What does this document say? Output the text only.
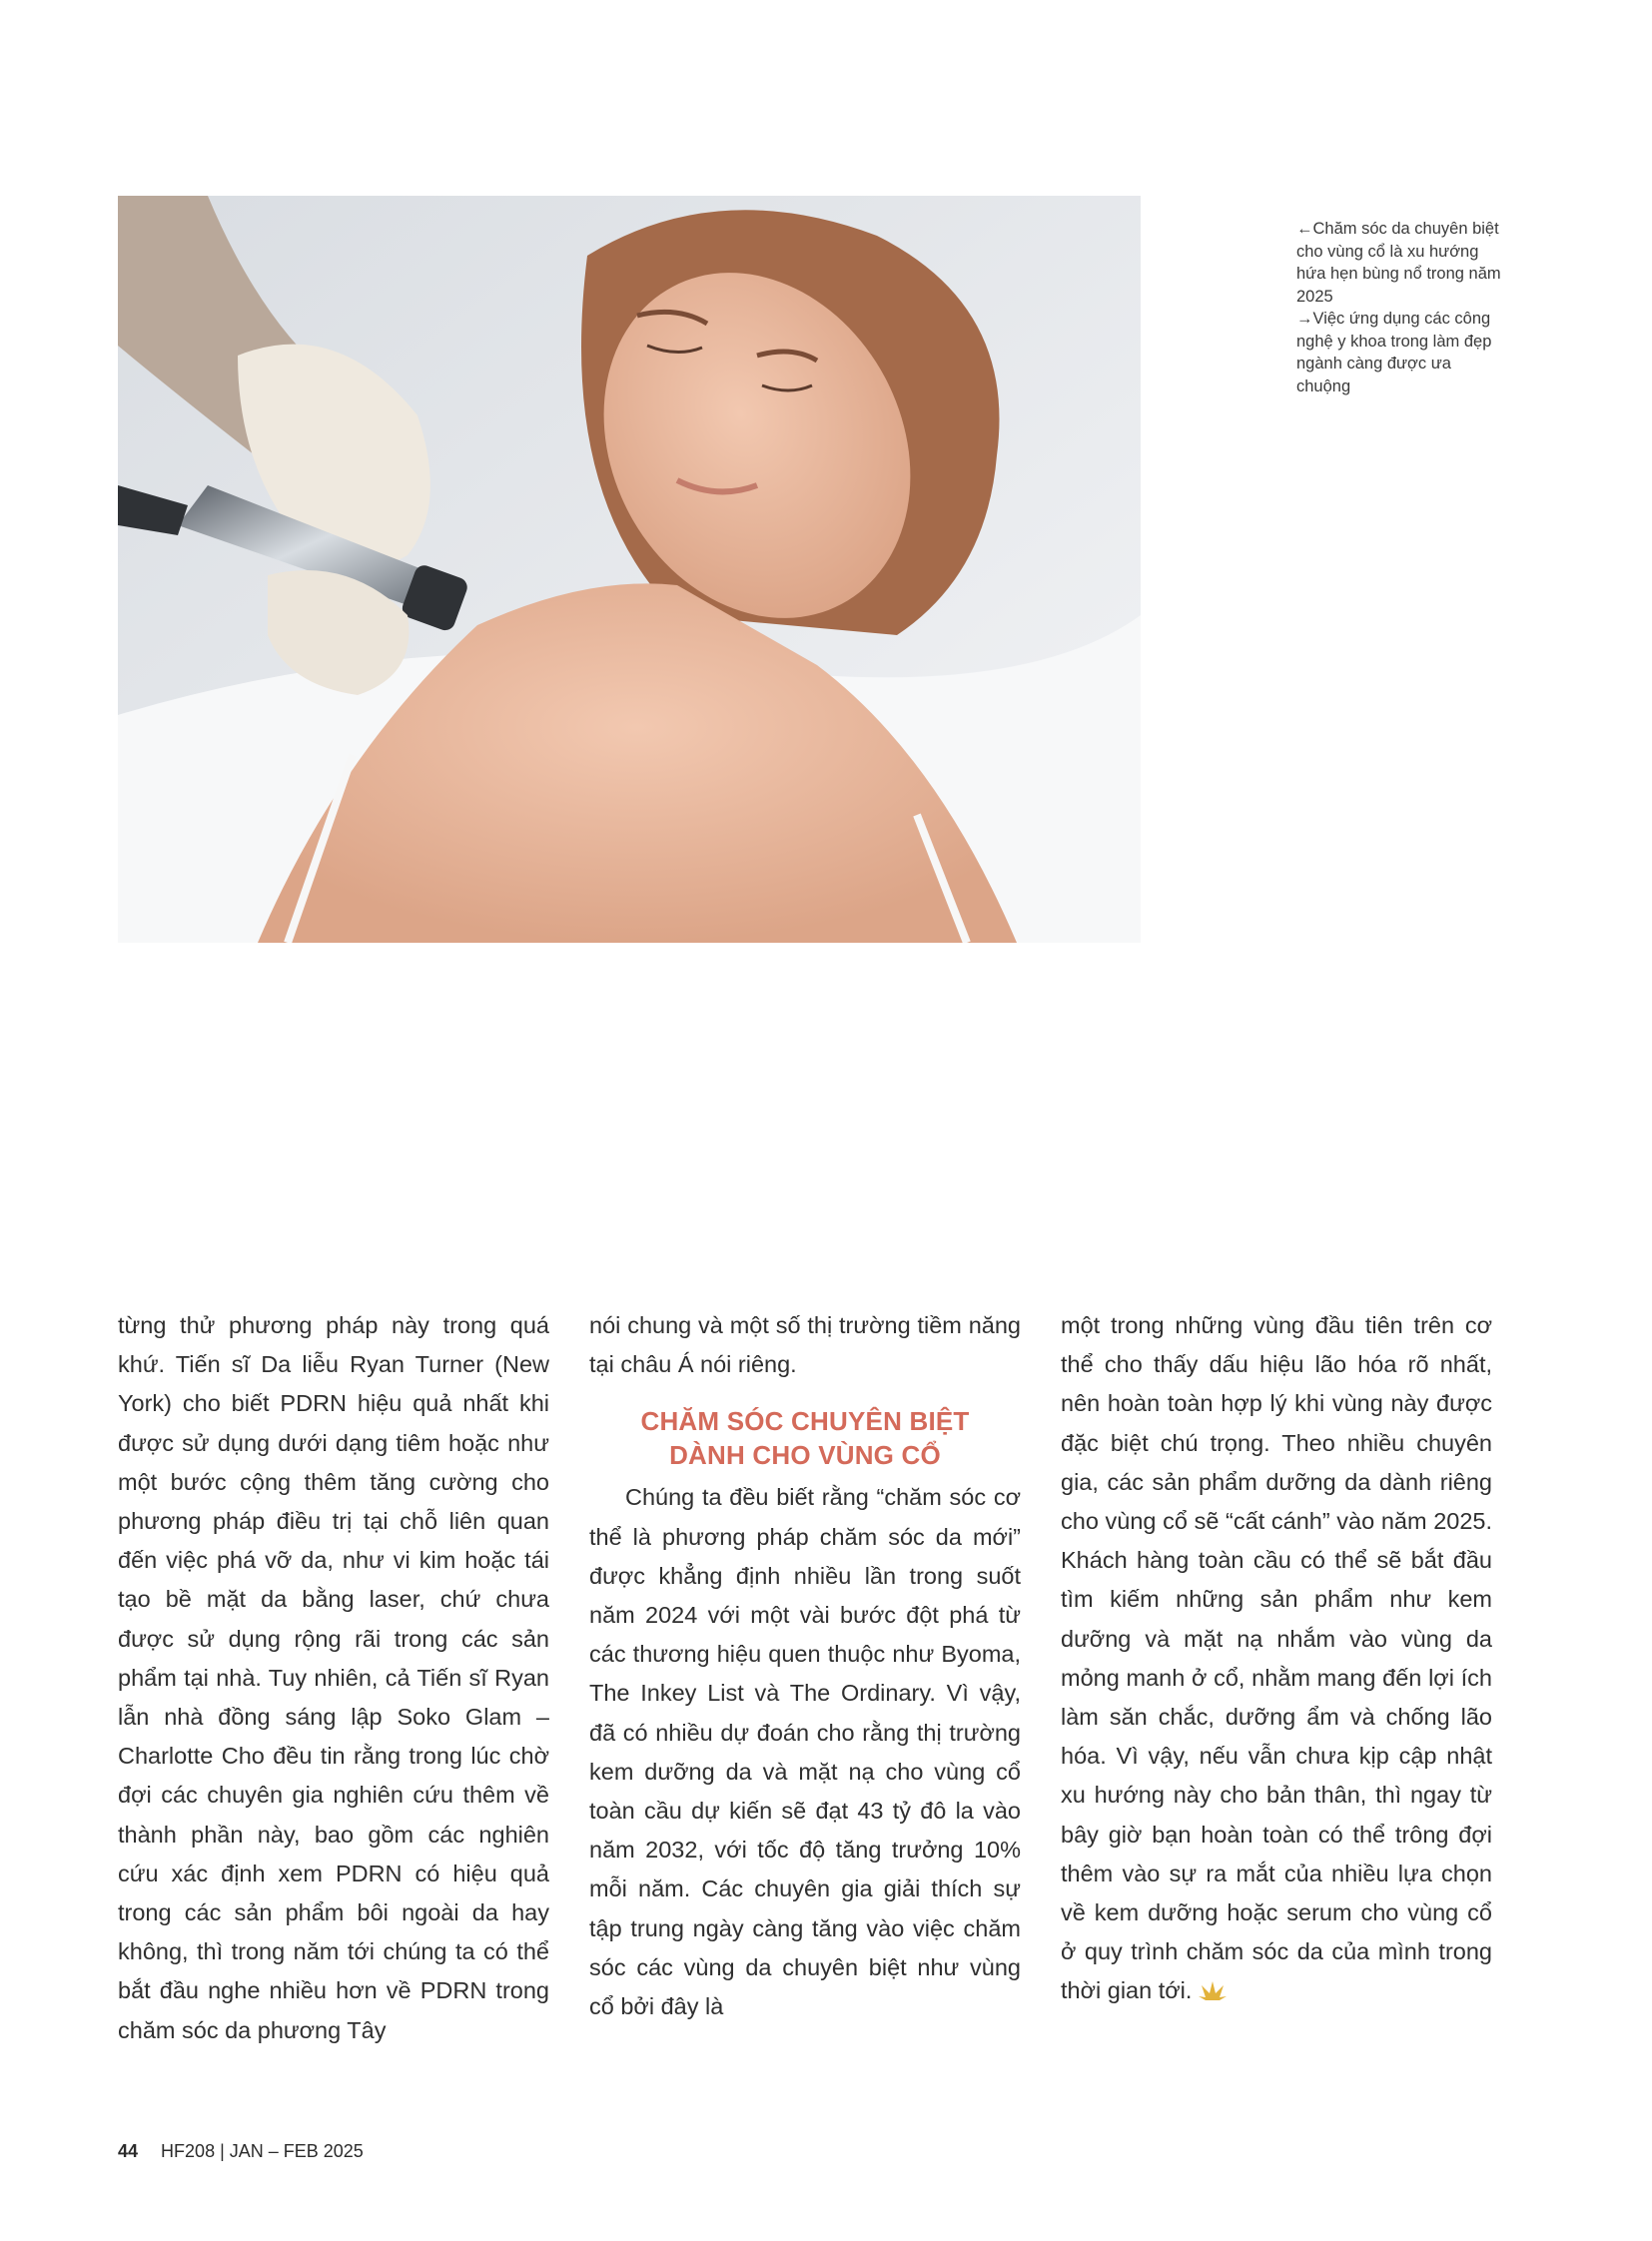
←Chăm sóc da chuyên biệt cho vùng cổ là xu hướng hứa hẹn bùng nổ trong năm 2025

→Việc ứng dụng các công nghệ y khoa trong làm đẹp ngành càng được ưa chuộng

từng thử phương pháp này trong quá khứ. Tiến sĩ Da liễu Ryan Turner (New York) cho biết PDRN hiệu quả nhất khi được sử dụng dưới dạng tiêm hoặc như một bước cộng thêm tăng cường cho phương pháp điều trị tại chỗ liên quan đến việc phá vỡ da, như vi kim hoặc tái tạo bề mặt da bằng laser, chứ chưa được sử dụng rộng rãi trong các sản phẩm tại nhà. Tuy nhiên, cả Tiến sĩ Ryan lẫn nhà đồng sáng lập Soko Glam – Charlotte Cho đều tin rằng trong lúc chờ đợi các chuyên gia nghiên cứu thêm về thành phần này, bao gồm các nghiên cứu xác định xem PDRN có hiệu quả trong các sản phẩm bôi ngoài da hay không, thì trong năm tới chúng ta có thể bắt đầu nghe nhiều hơn về PDRN trong chăm sóc da phương Tây

nói chung và một số thị trường tiềm năng tại châu Á nói riêng.

CHĂM SÓC CHUYÊN BIỆT
DÀNH CHO VÙNG CỔ

Chúng ta đều biết rằng “chăm sóc cơ thể là phương pháp chăm sóc da mới” được khẳng định nhiều lần trong suốt năm 2024 với một vài bước đột phá từ các thương hiệu quen thuộc như Byoma, The Inkey List và The Ordinary. Vì vậy, đã có nhiều dự đoán cho rằng thị trường kem dưỡng da và mặt nạ cho vùng cổ toàn cầu dự kiến sẽ đạt 43 tỷ đô la vào năm 2032, với tốc độ tăng trưởng 10% mỗi năm. Các chuyên gia giải thích sự tập trung ngày càng tăng vào việc chăm sóc các vùng da chuyên biệt như vùng cổ bởi đây là

một trong những vùng đầu tiên trên cơ thể cho thấy dấu hiệu lão hóa rõ nhất, nên hoàn toàn hợp lý khi vùng này được đặc biệt chú trọng. Theo nhiều chuyên gia, các sản phẩm dưỡng da dành riêng cho vùng cổ sẽ “cất cánh” vào năm 2025. Khách hàng toàn cầu có thể sẽ bắt đầu tìm kiếm những sản phẩm như kem dưỡng và mặt nạ nhắm vào vùng da mỏng manh ở cổ, nhằm mang đến lợi ích làm săn chắc, dưỡng ẩm và chống lão hóa. Vì vậy, nếu vẫn chưa kịp cập nhật xu hướng này cho bản thân, thì ngay từ bây giờ bạn hoàn toàn có thể trông đợi thêm vào sự ra mắt của nhiều lựa chọn về kem dưỡng hoặc serum cho vùng cổ ở quy trình chăm sóc da của mình trong thời gian tới.

44 HF208 | JAN – FEB 2025
